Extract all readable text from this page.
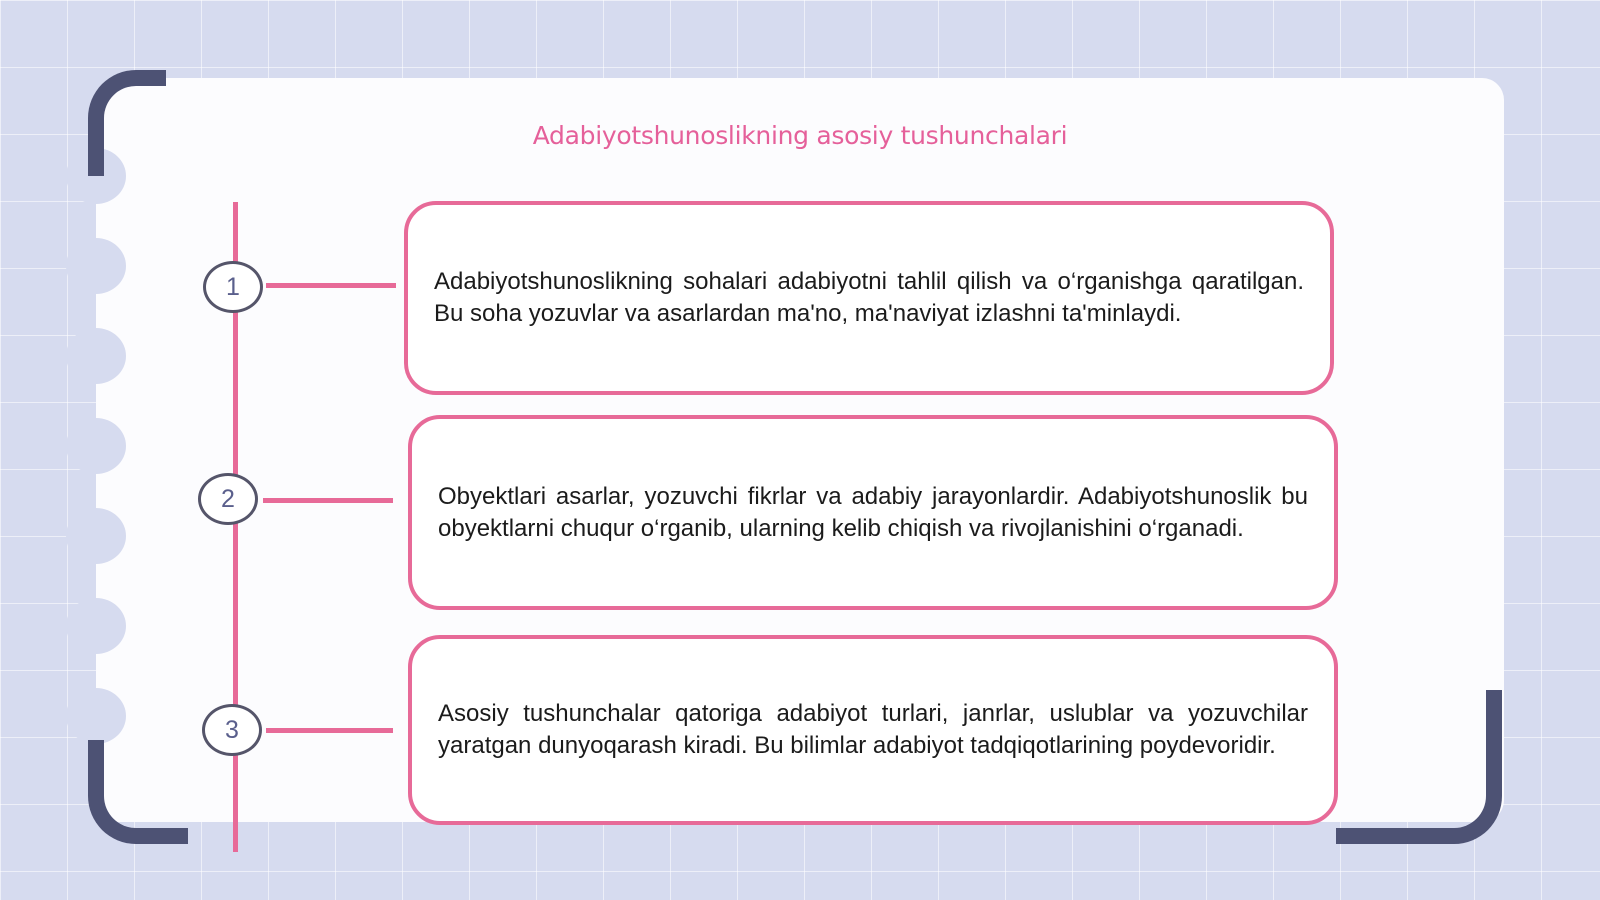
Adabiyotshunoslikning asosiy tushunchalari
1	Adabiyotshunoslikning sohalari adabiyotni tahlil qilish va o‘rganishga qaratilgan. Bu soha yozuvlar va asarlardan ma'no, ma'naviyat izlashni ta'minlaydi.

2	Obyektlari asarlar, yozuvchi fikrlar va adabiy jarayonlardir. Adabiyotshunoslik bu obyektlarni chuqur o‘rganib, ularning kelib chiqish va rivojlanishini o‘rganadi.

3

Asosiy tushunchalar qatoriga adabiyot turlari, janrlar, uslublar va yozuvchilar yaratgan dunyoqarash kiradi. Bu bilimlar adabiyot tadqiqotlarining poydevoridir.
